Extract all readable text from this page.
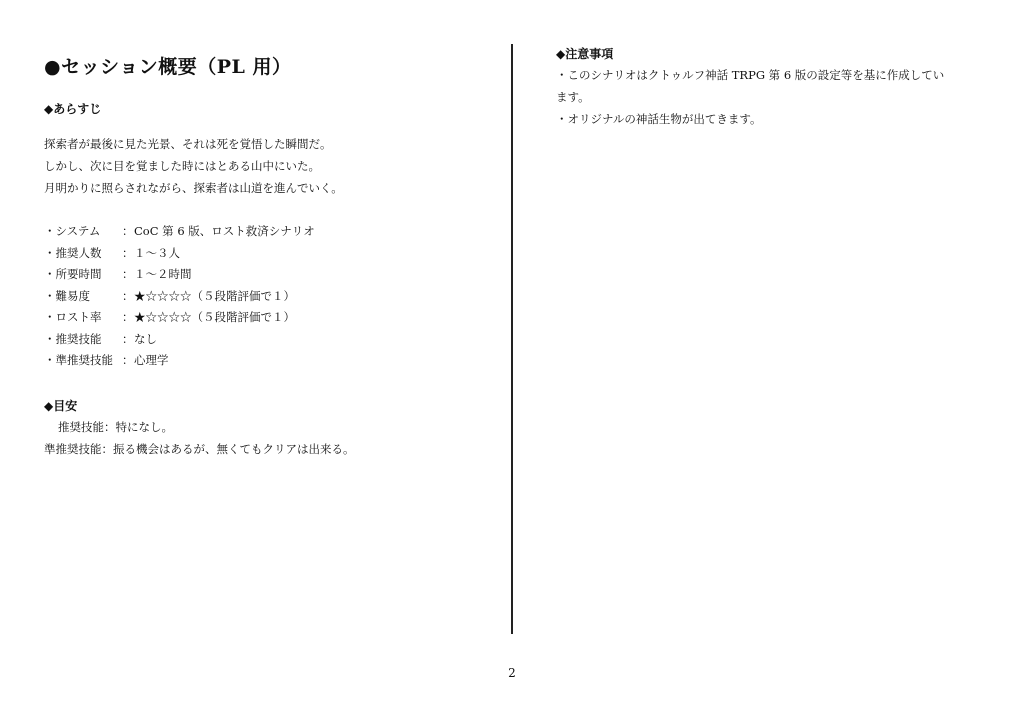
●セッション概要（PL 用）

◆あらすじ

探索者が最後に見た光景、それは死を覚悟した瞬間だ。

しかし、次に目を覚ました時にはとある山中にいた。

月明かりに照らされながら、探索者は山道を進んでいく。

・システム	： CoC 第 6 版、ロスト救済シナリオ
・推奨人数	： １～３人
・所要時間	： １～２時間
・難易度	： ★☆☆☆☆（５段階評価で１）
・ロスト率	： ★☆☆☆☆（５段階評価で１）
・推奨技能	： なし
・準推奨技能 ： 心理学

◆目安

推奨技能：特になし。

準推奨技能：振る機会はあるが、無くてもクリアは出来る。

◆注意事項

・このシナリオはクトゥルフ神話 TRPG 第 6 版の設定等を基に作成してい

ます。

・オリジナルの神話生物が出てきます。

2
